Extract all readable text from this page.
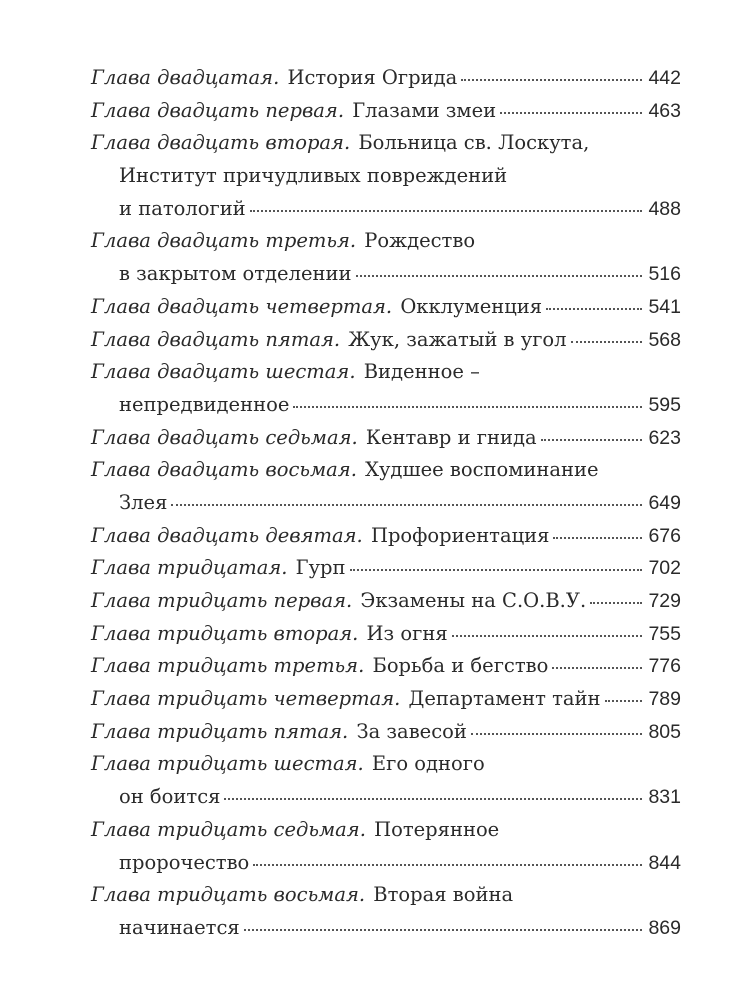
Глава двадцатая. История Огрида	442
Глава двадцать первая. Глазами змеи	463
Глава двадцать вторая. Больница св. Лоскута,
Институт причудливых повреждений
и патологий	488
Глава двадцать третья. Рождество
в закрытом отделении	516
Глава двадцать четвертая. Окклуменция	541
Глава двадцать пятая. Жук, зажатый в угол	568
Глава двадцать шестая. Виденное –
непредвиденное	595
Глава двадцать седьмая. Кентавр и гнида	623
Глава двадцать восьмая. Худшее воспоминание
Злея	649
Глава двадцать девятая. Профориентация	676
Глава тридцатая. Гурп	702
Глава тридцать первая. Экзамены на С.О.В.У.	729
Глава тридцать вторая. Из огня	755
Глава тридцать третья. Борьба и бегство	776
Глава тридцать четвертая. Департамент тайн 789
Глава тридцать пятая. За завесой	805
Глава тридцать шестая. Его одного
он боится	831
Глава тридцать седьмая. Потерянное
пророчество	844
Глава тридцать восьмая. Вторая война
начинается	869
